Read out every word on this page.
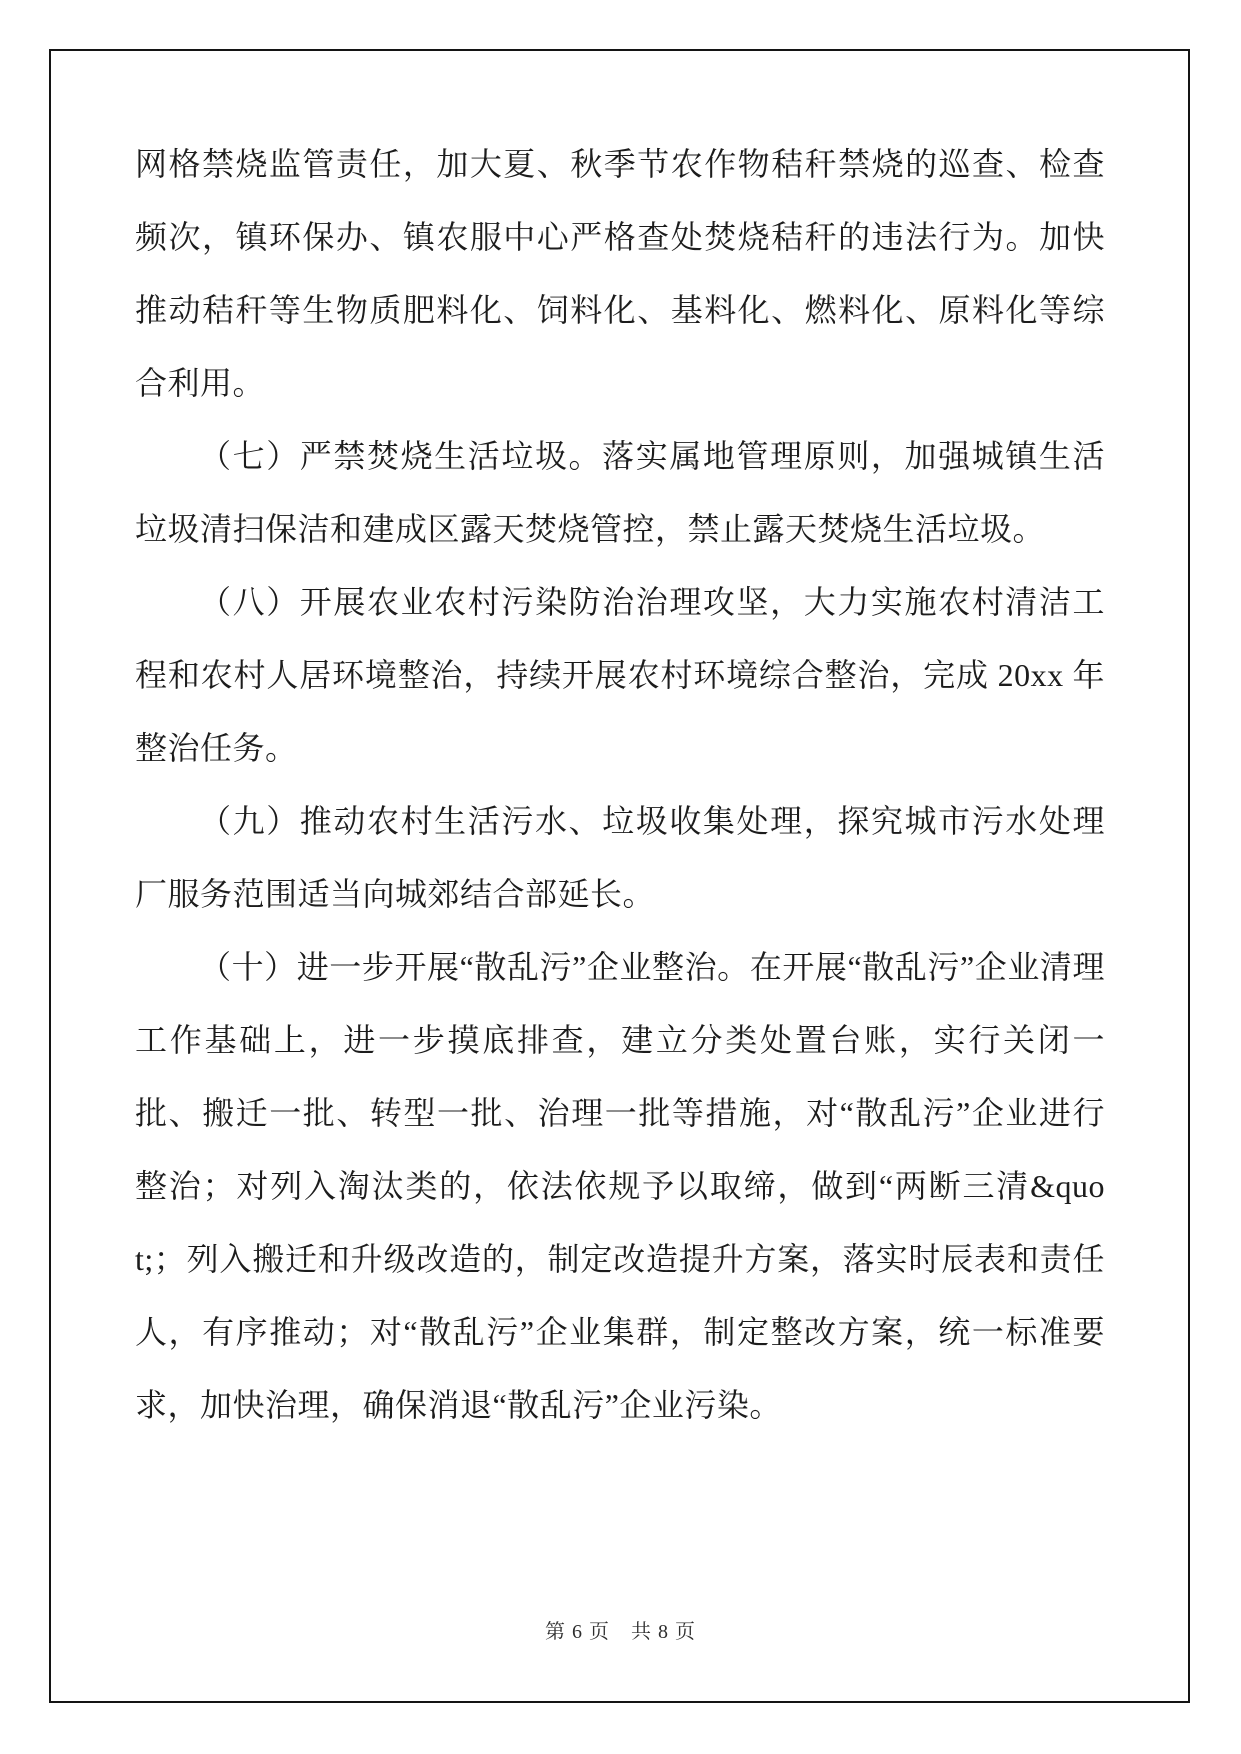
网格禁烧监管责任，加大夏、秋季节农作物秸秆禁烧的巡查、检查频次，镇环保办、镇农服中心严格查处焚烧秸秆的违法行为。加快推动秸秆等生物质肥料化、饲料化、基料化、燃料化、原料化等综合利用。

（七）严禁焚烧生活垃圾。落实属地管理原则，加强城镇生活垃圾清扫保洁和建成区露天焚烧管控，禁止露天焚烧生活垃圾。

（八）开展农业农村污染防治治理攻坚，大力实施农村清洁工程和农村人居环境整治，持续开展农村环境综合整治，完成 20xx 年整治任务。

（九）推动农村生活污水、垃圾收集处理，探究城市污水处理厂服务范围适当向城郊结合部延长。

（十）进一步开展“散乱污”企业整治。在开展“散乱污”企业清理工作基础上，进一步摸底排查，建立分类处置台账，实行关闭一批、搬迁一批、转型一批、治理一批等措施，对“散乱污”企业进行整治；对列入淘汰类的，依法依规予以取缔，做到“两断三清&quot;；列入搬迁和升级改造的，制定改造提升方案，落实时辰表和责任人，有序推动；对“散乱污”企业集群，制定整改方案，统一标准要求，加快治理，确保消退“散乱污”企业污染。

第 6 页　共 8 页
